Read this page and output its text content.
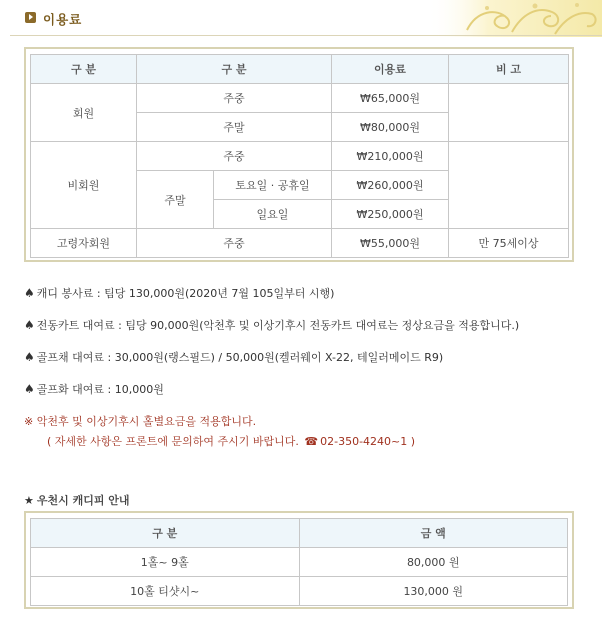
이용료
구 분	구 분		이용료	비 고
회원	주중		₩65,000원	
	주말		₩80,000원	
비회원	주중		₩210,000원	
	주말	토요일 · 공휴일	₩260,000원	
		일요일	₩250,000원	
고령자회원	주중		₩55,000원	만 75세이상
♠ 캐디 봉사료 : 팀당 130,000원(2020년 7월 105일부터 시행)
♠ 전동카트 대여료 : 팀당 90,000원(악천후 및 이상기후시 전동카트 대여료는 정상요금을 적용합니다.)
♠ 골프채 대여료 : 30,000원(랭스필드) / 50,000원(켈러웨이 X-22, 테일러메이드 R9)
♠ 골프화 대여료 : 10,000원
※ 악천후 및 이상기후시 홀별요금을 적용합니다.
( 자세한 사항은 프론트에 문의하여 주시기 바랍니다. ☎ 02-350-4240~1 )
★ 우천시 캐디피 안내
구 분	금 액
1홀~ 9홀	80,000 원
10홀 티샷시~	130,000 원
